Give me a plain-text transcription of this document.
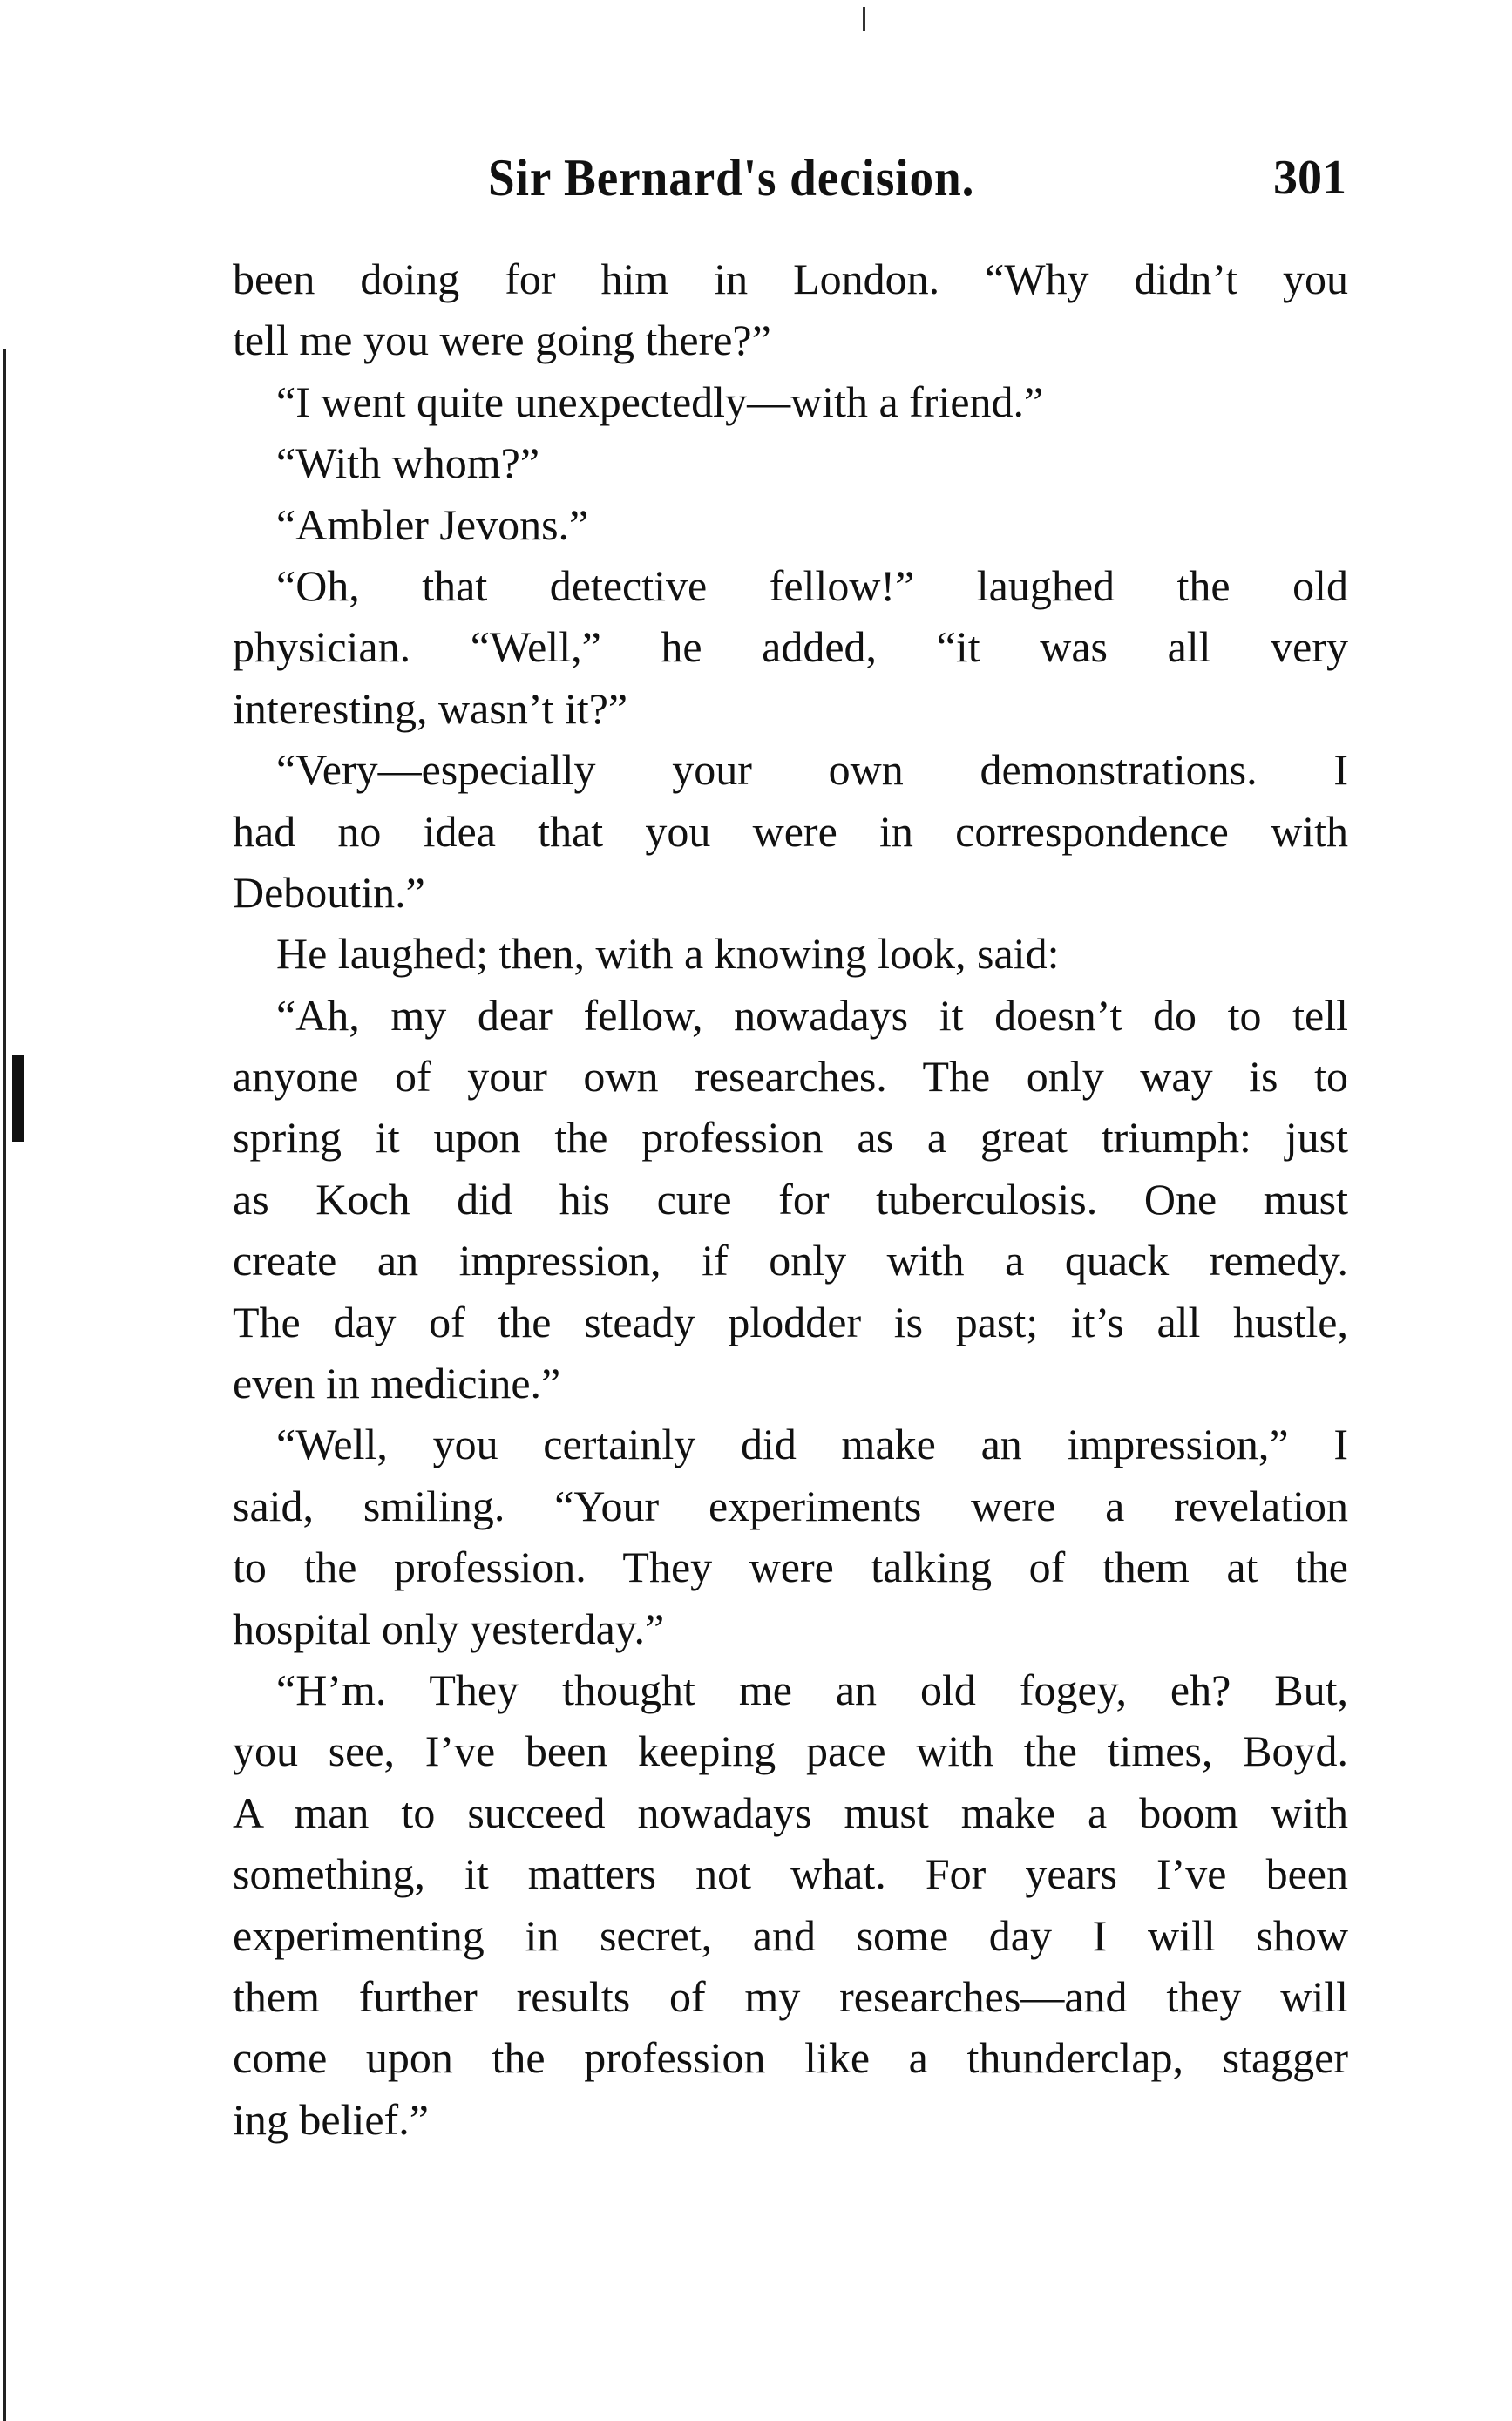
Sir Bernard's decision.	301
been doing for him in London. “Why didn’t you
tell me you were going there?”
“I went quite unexpectedly—with a friend.”
“With whom?”
“Ambler Jevons.”
“Oh, that detective fellow!” laughed the old
physician. “Well,” he added, “it was all very
interesting, wasn’t it?”
“Very—especially your own demonstrations. I
had no idea that you were in correspondence with
Deboutin.”
He laughed; then, with a knowing look, said:
“Ah, my dear fellow, nowadays it doesn’t do to tell
anyone of your own researches. The only way is to
spring it upon the profession as a great triumph: just
as Koch did his cure for tuberculosis. One must
create an impression, if only with a quack remedy.
The day of the steady plodder is past; it’s all hustle,
even in medicine.”
“Well, you certainly did make an impression,” I
said, smiling. “Your experiments were a revelation
to the profession. They were talking of them at the
hospital only yesterday.”
“H’m. They thought me an old fogey, eh? But,
you see, I’ve been keeping pace with the times, Boyd.
A man to succeed nowadays must make a boom with
something, it matters not what. For years I’ve been
experimenting in secret, and some day I will show
them further results of my researches—and they will
come upon the profession like a thunderclap, stagger
ing belief.”
